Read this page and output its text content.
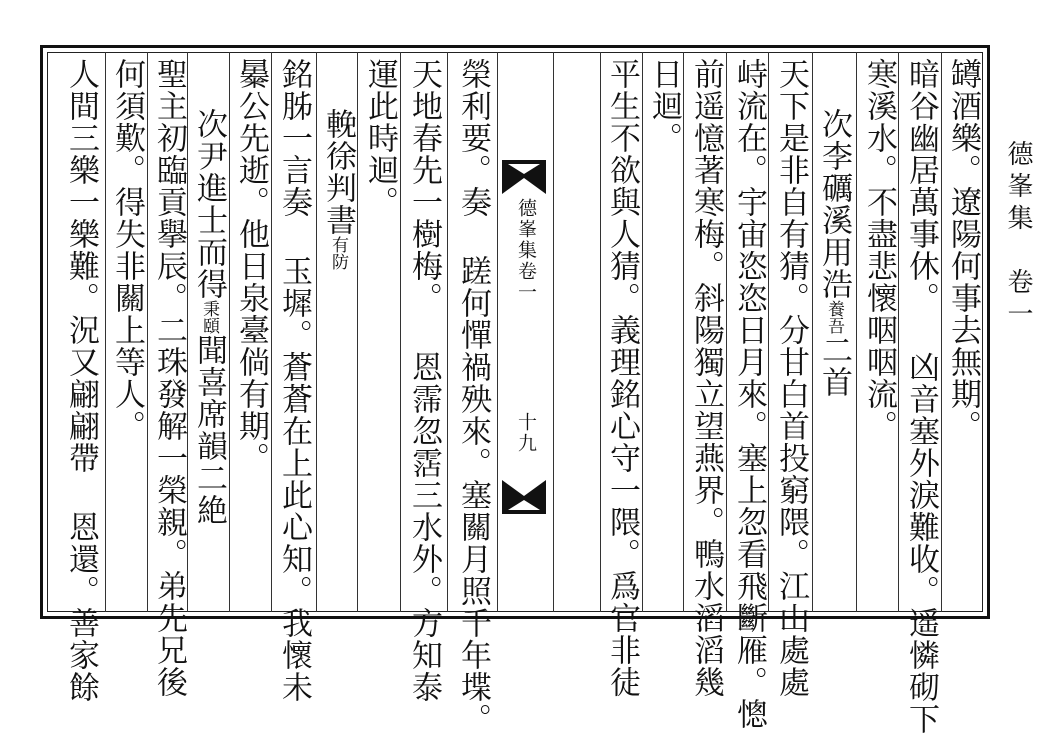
德峯集　卷一
罇酒樂。遼陽何事去無期。
暗谷幽居萬事休。 凶音塞外淚難收。遥憐砌下
寒溪水。不盡悲懷咽咽流。
次李礪溪用浩養吾二首
天下是非自有猜。分甘白首投窮隈。江山處處
峙流在。宇宙恣恣日月來。塞上忽看飛斷雁。憁
前遥憶著寒梅。斜陽獨立望燕界。鴨水滔滔幾
日迴。
平生不欲與人猜。義理銘心守一隈。爲官非徒
德峯集卷一
十九
榮利要。奏 蹉何憚禍殃來。塞關月照千年堞。
天地春先一樹梅。 恩霈忽霑三水外。方知泰
運此時迴。
輓徐判書有防
銘胏一言奏 玉墀。蒼蒼在上此心知。我懷未
㬥公先逝。他日泉臺倘有期。
次尹進士而得秉頤聞喜席韻二絶
聖主初臨貢擧辰。二珠發解一榮親。弟先兄後
何須歎。得失非關上等人。
人間三樂一樂難。況又翩翩帶 恩還。善家餘
